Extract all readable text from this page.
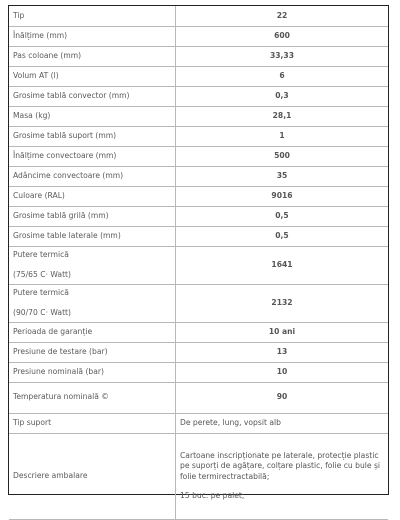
Tip	22
Înălțime (mm)	600
Pas coloane (mm)	33,33
Volum AT (l)	6
Grosime tablă convector (mm)	0,3
Masa (kg)	28,1
Grosime tablă suport (mm)	1
Înălțime convectoare (mm)	500
Adâncime convectoare (mm)	35
Culoare (RAL)	9016
Grosime tablă grilă (mm)	0,5
Grosime table laterale (mm)	0,5

Putere termică
(75/65 C· Watt)	1641

Putere termică
(90/70 C· Watt)	2132
Perioada de garanție	10 ani
Presiune de testare (bar)	13
Presiune nominală (bar)	10
Temperatura nominală ©	90
Tip suport	De perete, lung, vopsit alb
Descriere ambalare	Cartoane inscripționate pe laterale, protecție plastic pe suporți de agățare, colțare plastic, folie cu bule și folie termirectractabilă;
15 buc. pe palet;
